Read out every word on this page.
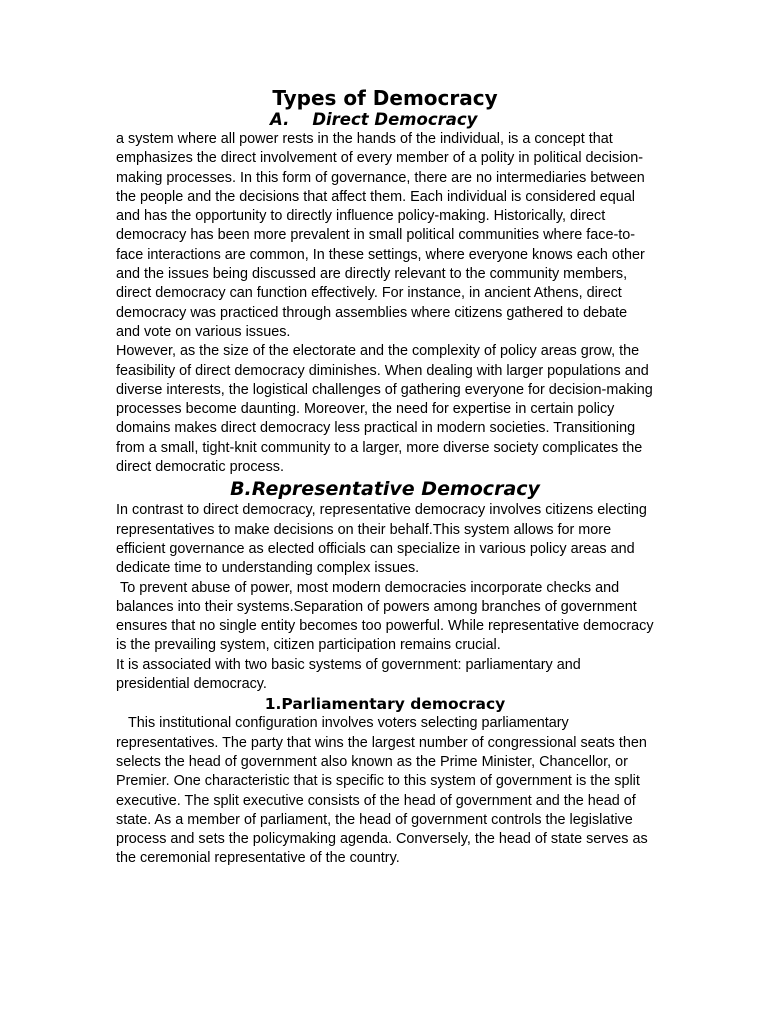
Types of Democracy
A.    Direct Democracy

a system where all power rests in the hands of the individual, is a concept that emphasizes the direct involvement of every member of a polity in political decision-making processes. In this form of governance, there are no intermediaries between the people and the decisions that affect them. Each individual is considered equal and has the opportunity to directly influence policy-making. Historically, direct democracy has been more prevalent in small political communities where face-to-face interactions are common, In these settings, where everyone knows each other and the issues being discussed are directly relevant to the community members, direct democracy can function effectively. For instance, in ancient Athens, direct democracy was practiced through assemblies where citizens gathered to debate and vote on various issues.

However, as the size of the electorate and the complexity of policy areas grow, the feasibility of direct democracy diminishes. When dealing with larger populations and diverse interests, the logistical challenges of gathering everyone for decision-making processes become daunting. Moreover, the need for expertise in certain policy domains makes direct democracy less practical in modern societies. Transitioning from a small, tight-knit community to a larger, more diverse society complicates the direct democratic process.

B.Representative Democracy

In contrast to direct democracy, representative democracy involves citizens electing representatives to make decisions on their behalf.This system allows for more efficient governance as elected officials can specialize in various policy areas and dedicate time to understanding complex issues.

To prevent abuse of power, most modern democracies incorporate checks and balances into their systems.Separation of powers among branches of government ensures that no single entity becomes too powerful. While representative democracy is the prevailing system, citizen participation remains crucial.

It is associated with two basic systems of government: parliamentary and presidential democracy.

1.Parliamentary democracy

This institutional configuration involves voters selecting parliamentary representatives. The party that wins the largest number of congressional seats then selects the head of government also known as the Prime Minister, Chancellor, or Premier. One characteristic that is specific to this system of government is the split executive. The split executive consists of the head of government and the head of state. As a member of parliament, the head of government controls the legislative process and sets the policymaking agenda. Conversely, the head of state serves as the ceremonial representative of the country.
